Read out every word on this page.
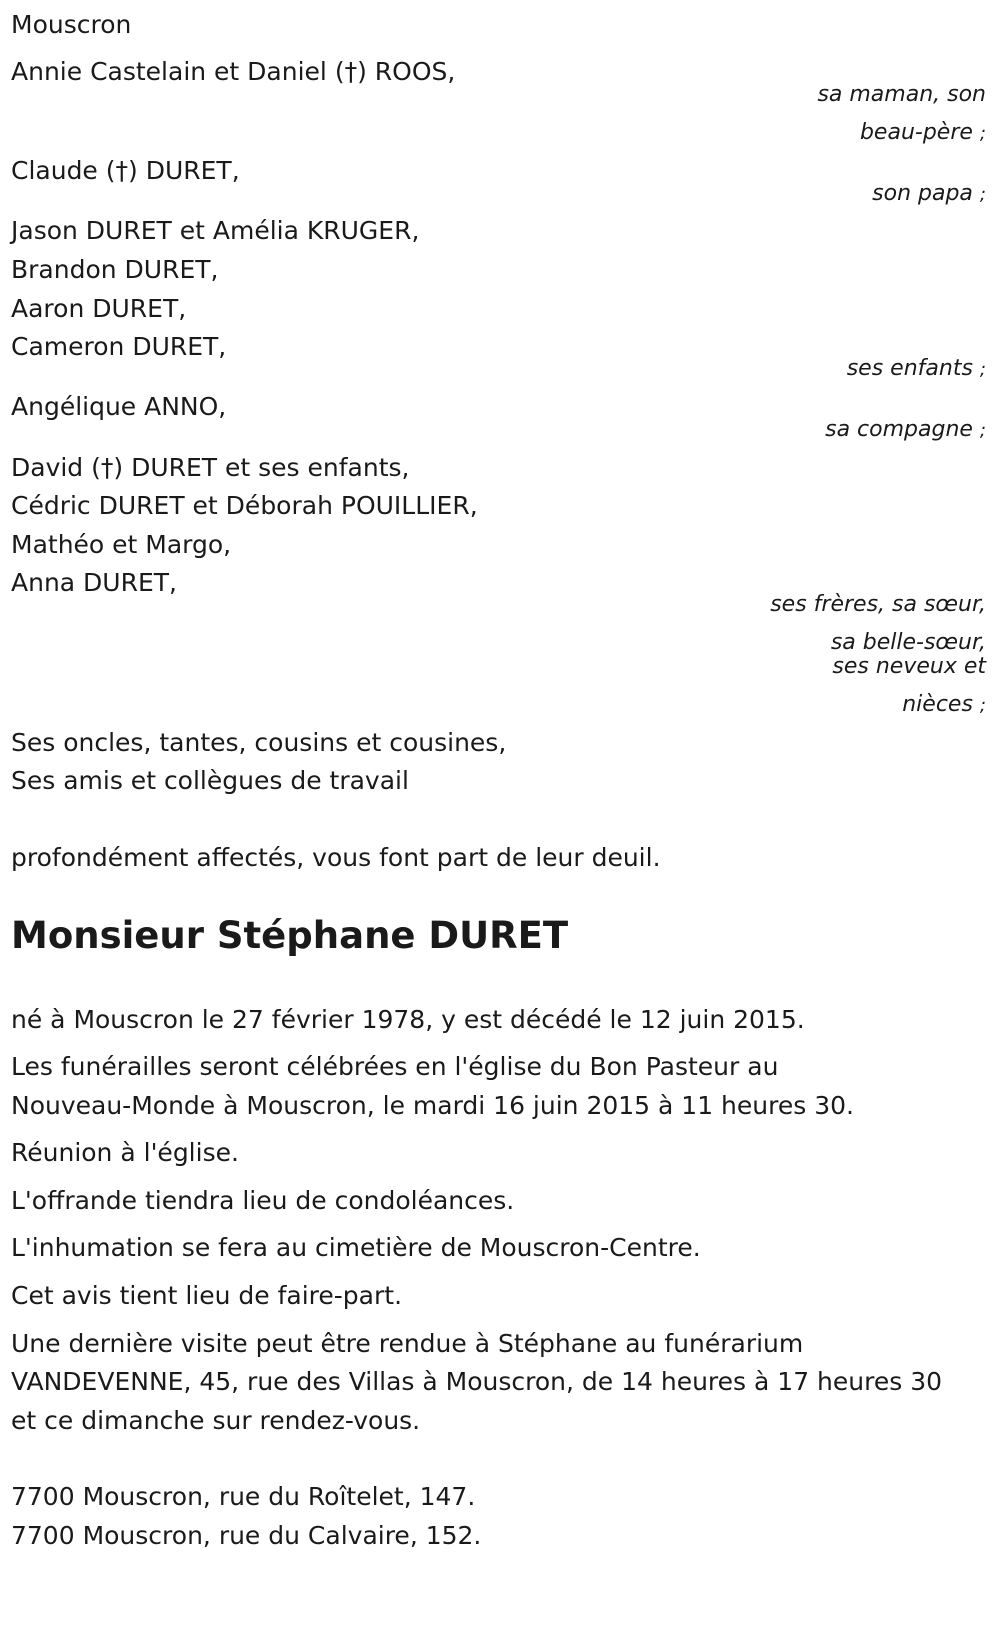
Mouscron

Annie Castelain et Daniel (†) ROOS,

sa maman, son

beau-père ;

Claude (†) DURET,

son papa ;

Jason DURET et Amélia KRUGER,

Brandon DURET,

Aaron DURET,

Cameron DURET,

ses enfants ;

Angélique ANNO,

sa compagne ;

David (†) DURET et ses enfants,

Cédric DURET et Déborah POUILLIER,

Mathéo et Margo,

Anna DURET,

ses frères, sa sœur,

sa belle-sœur,

ses neveux et

nièces ;

Ses oncles, tantes, cousins et cousines,

Ses amis et collègues de travail

profondément affectés, vous font part de leur deuil.

Monsieur Stéphane DURET

né à Mouscron le 27 février 1978, y est décédé le 12 juin 2015.

Les funérailles seront célébrées en l'église du Bon Pasteur au

Nouveau-Monde à Mouscron, le mardi 16 juin 2015 à 11 heures 30.

Réunion à l'église.

L'offrande tiendra lieu de condoléances.

L'inhumation se fera au cimetière de Mouscron-Centre.

Cet avis tient lieu de faire-part.

Une dernière visite peut être rendue à Stéphane au funérarium

VANDEVENNE, 45, rue des Villas à Mouscron, de 14 heures à 17 heures 30

et ce dimanche sur rendez-vous.

7700 Mouscron, rue du Roîtelet, 147.

7700 Mouscron, rue du Calvaire, 152.
